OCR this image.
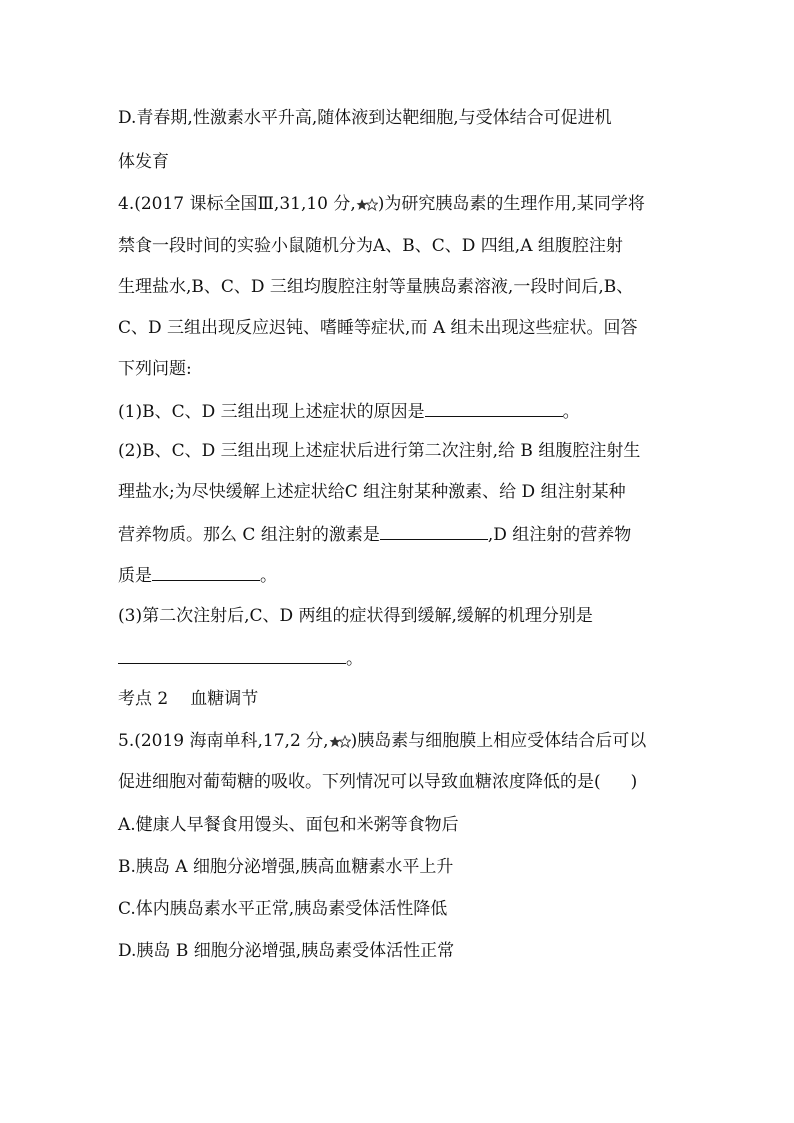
D.青春期,性激素水平升高,随体液到达靶细胞,与受体结合可促进机
体发育
4.(2017 课标全国Ⅲ,31,10 分, )为研究胰岛素的生理作用,某同学将
禁食一段时间的实验小鼠随机分为A、B、C、D 四组,A 组腹腔注射
生理盐水,B、C、D 三组均腹腔注射等量胰岛素溶液,一段时间后,B、
C、D 三组出现反应迟钝、嗜睡等症状,而 A 组未出现这些症状。回答
下列问题:
(1)B、C、D 三组出现上述症状的原因是	。
(2)B、C、D 三组出现上述症状后进行第二次注射,给 B 组腹腔注射生
理盐水;为尽快缓解上述症状给C 组注射某种激素、给 D 组注射某种
营养物质。那么 C 组注射的激素是	,D 组注射的营养物
质是	。
(3)第二次注射后,C、D 两组的症状得到缓解,缓解的机理分别是
。
考点 2 血糖调节
5.(2019 海南单科,17,2 分, )胰岛素与细胞膜上相应受体结合后可以
促进细胞对葡萄糖的吸收。下列情况可以导致血糖浓度降低的是( )
A.健康人早餐食用馒头、面包和米粥等食物后
B.胰岛 A 细胞分泌增强,胰高血糖素水平上升
C.体内胰岛素水平正常,胰岛素受体活性降低
D.胰岛 B 细胞分泌增强,胰岛素受体活性正常
